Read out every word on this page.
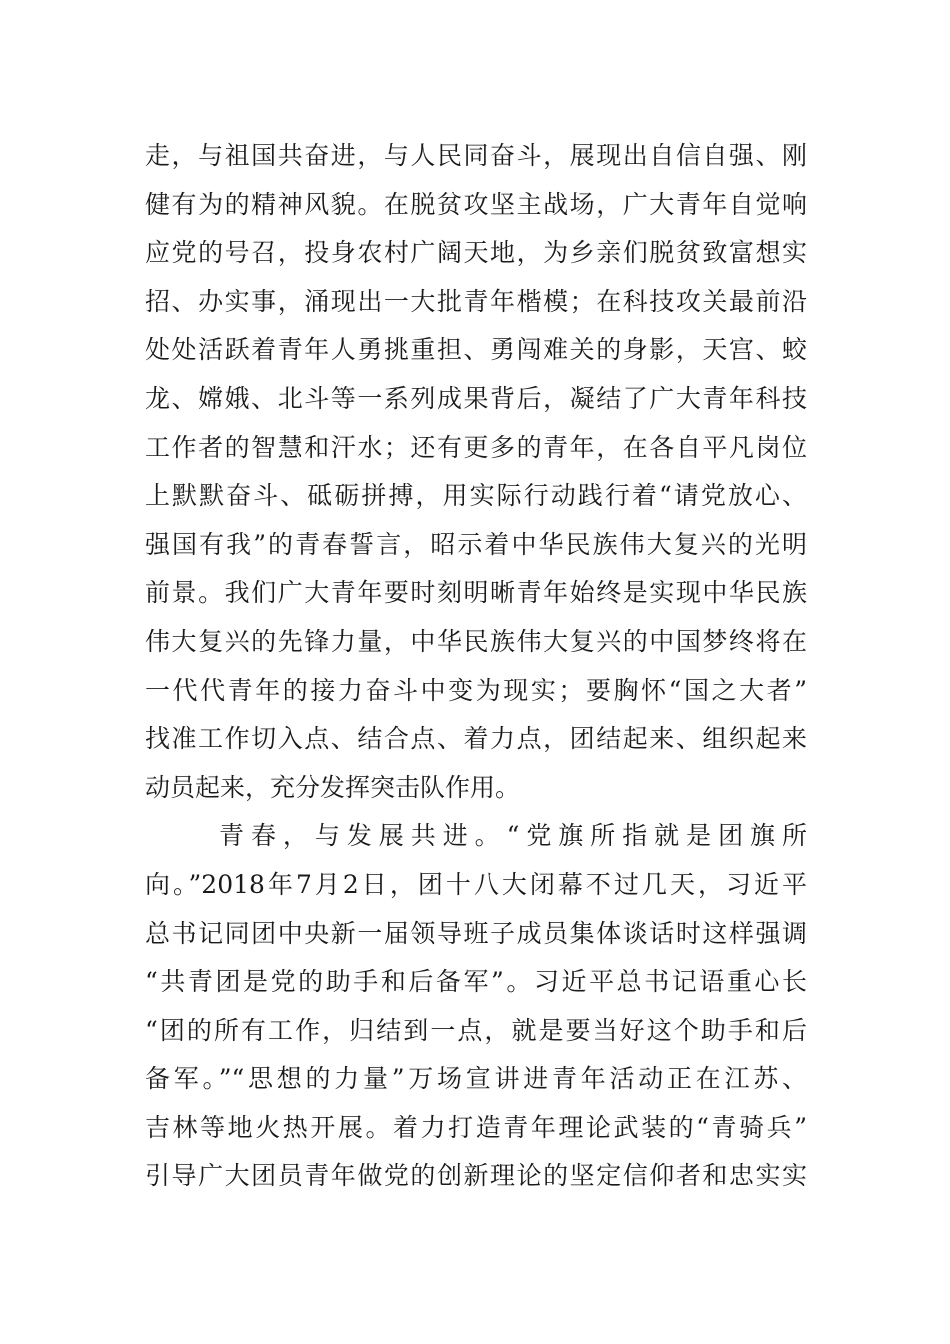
走，与祖国共奋进，与人民同奋斗，展现出自信自强、刚
健有为的精神风貌。在脱贫攻坚主战场，广大青年自觉响
应党的号召，投身农村广阔天地，为乡亲们脱贫致富想实
招、办实事，涌现出一大批青年楷模；在科技攻关最前沿
处处活跃着青年人勇挑重担、勇闯难关的身影，天宫、蛟
龙、嫦娥、北斗等一系列成果背后，凝结了广大青年科技
工作者的智慧和汗水；还有更多的青年，在各自平凡岗位
上默默奋斗、砥砺拼搏，用实际行动践行着“请党放心、
强国有我”的青春誓言，昭示着中华民族伟大复兴的光明
前景。我们广大青年要时刻明晰青年始终是实现中华民族
伟大复兴的先锋力量，中华民族伟大复兴的中国梦终将在
一代代青年的接力奋斗中变为现实；要胸怀“国之大者”
找准工作切入点、结合点、着力点，团结起来、组织起来
动员起来，充分发挥突击队作用。
青春，与发展共进。“党旗所指就是团旗所
向。”2018年7月2日，团十八大闭幕不过几天，习近平
总书记同团中央新一届领导班子成员集体谈话时这样强调
“共青团是党的助手和后备军”。习近平总书记语重心长
“团的所有工作，归结到一点，就是要当好这个助手和后
备军。”“思想的力量”万场宣讲进青年活动正在江苏、
吉林等地火热开展。着力打造青年理论武装的“青骑兵”
引导广大团员青年做党的创新理论的坚定信仰者和忠实实
